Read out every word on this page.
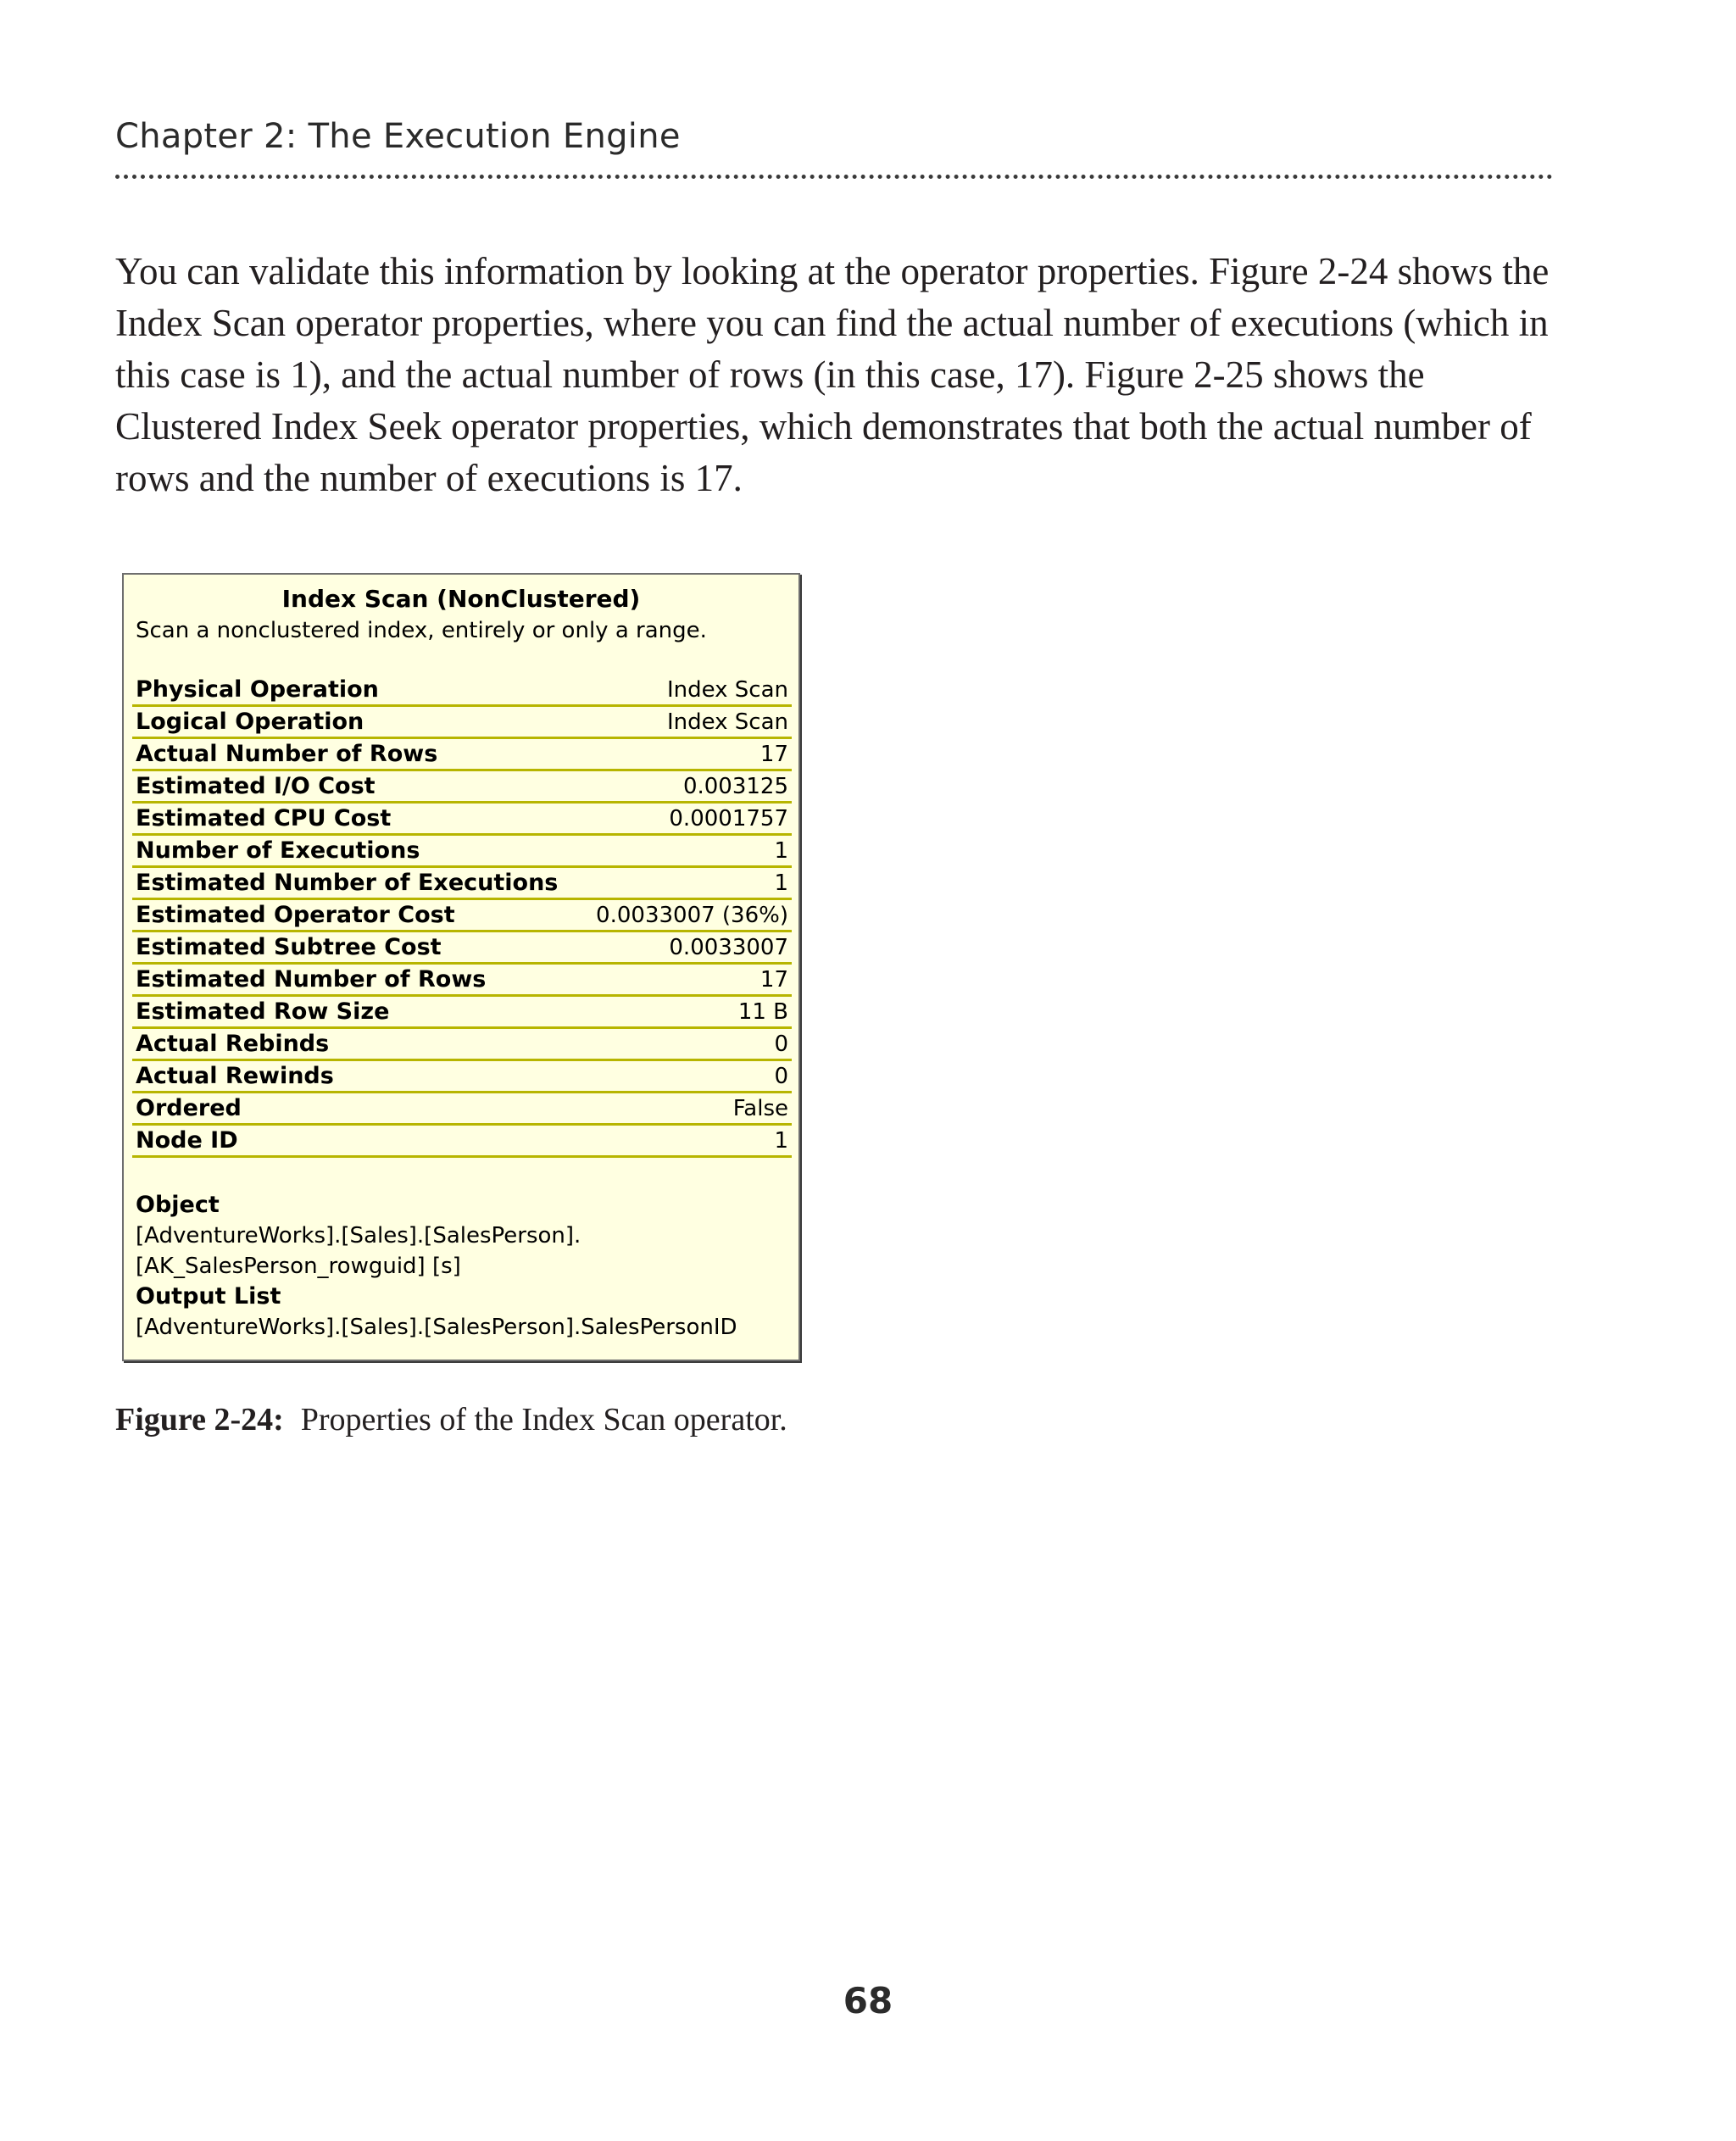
Chapter 2: The Execution Engine

You can validate this information by looking at the operator properties. Figure 2-24 shows the Index Scan operator properties, where you can find the actual number of executions (which in this case is 1), and the actual number of rows (in this case, 17). Figure 2-25 shows the Clustered Index Seek operator properties, which demonstrates that both the actual number of rows and the number of executions is 17.

Index Scan (NonClustered)
Scan a nonclustered index, entirely or only a range.
Physical Operation	Index Scan
Logical Operation	Index Scan
Actual Number of Rows	17
Estimated I/O Cost	0.003125
Estimated CPU Cost	0.0001757
Number of Executions	1
Estimated Number of Executions	1
Estimated Operator Cost	0.0033007 (36%)
Estimated Subtree Cost	0.0033007
Estimated Number of Rows	17
Estimated Row Size	11 B
Actual Rebinds	0
Actual Rewinds	0
Ordered	False
Node ID	1
Object
[AdventureWorks].[Sales].[SalesPerson].
[AK_SalesPerson_rowguid] [s]
Output List
[AdventureWorks].[Sales].[SalesPerson].SalesPersonID
Figure 2-24: Properties of the Index Scan operator.
68
